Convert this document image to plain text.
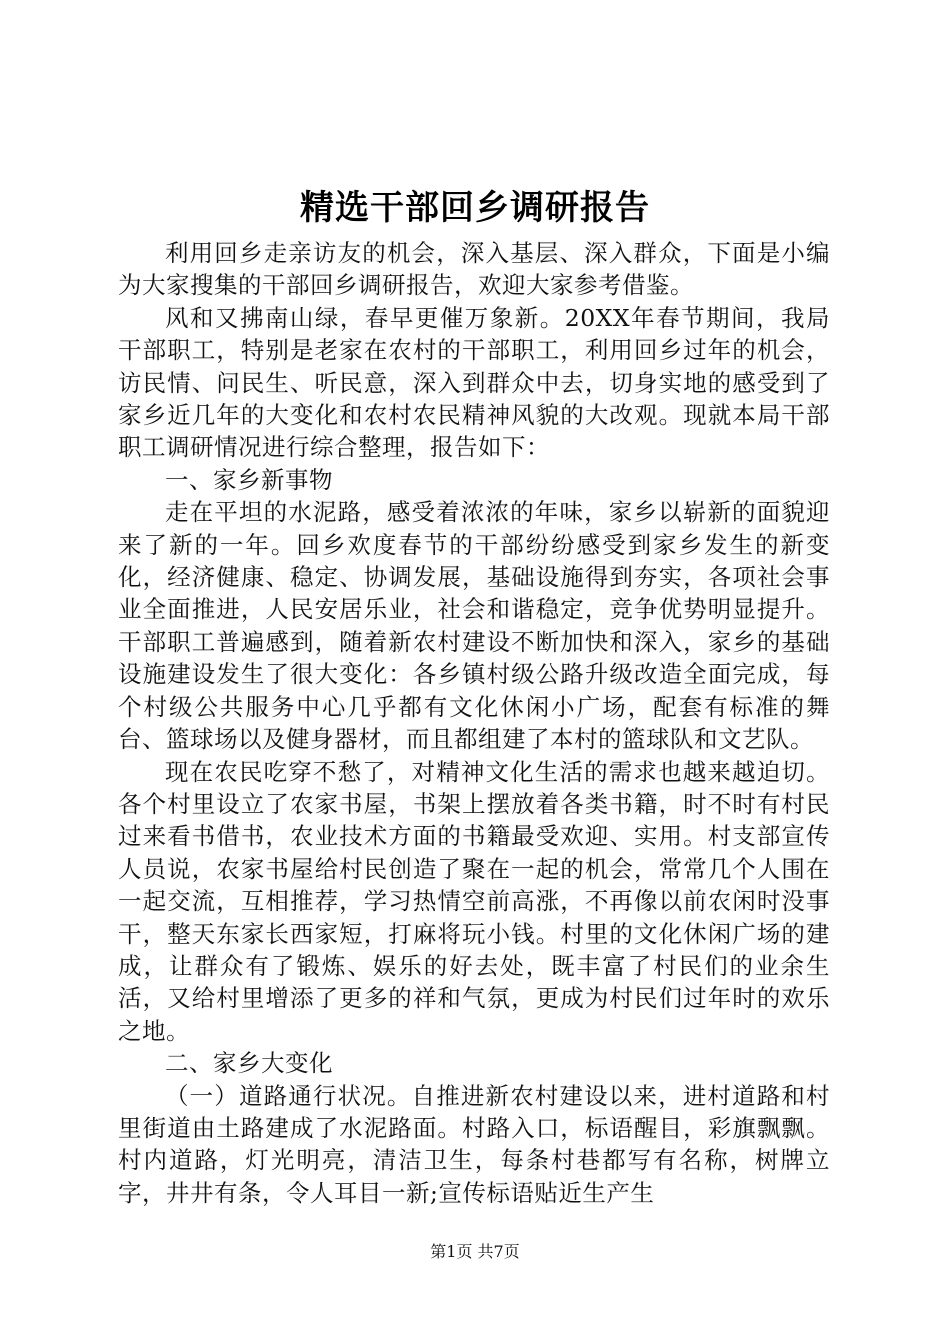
精选干部回乡调研报告

利用回乡走亲访友的机会，深入基层、深入群众，下面是小编为大家搜集的干部回乡调研报告，欢迎大家参考借鉴。

风和又拂南山绿，春早更催万象新。20XX年春节期间，我局干部职工，特别是老家在农村的干部职工，利用回乡过年的机会，访民情、问民生、听民意，深入到群众中去，切身实地的感受到了家乡近几年的大变化和农村农民精神风貌的大改观。现就本局干部职工调研情况进行综合整理，报告如下：

一、家乡新事物

走在平坦的水泥路，感受着浓浓的年味，家乡以崭新的面貌迎来了新的一年。回乡欢度春节的干部纷纷感受到家乡发生的新变化，经济健康、稳定、协调发展，基础设施得到夯实，各项社会事业全面推进，人民安居乐业，社会和谐稳定，竞争优势明显提升。干部职工普遍感到，随着新农村建设不断加快和深入，家乡的基础设施建设发生了很大变化：各乡镇村级公路升级改造全面完成，每个村级公共服务中心几乎都有文化休闲小广场，配套有标准的舞台、篮球场以及健身器材，而且都组建了本村的篮球队和文艺队。

现在农民吃穿不愁了，对精神文化生活的需求也越来越迫切。各个村里设立了农家书屋，书架上摆放着各类书籍，时不时有村民过来看书借书，农业技术方面的书籍最受欢迎、实用。村支部宣传人员说，农家书屋给村民创造了聚在一起的机会，常常几个人围在一起交流，互相推荐，学习热情空前高涨，不再像以前农闲时没事干，整天东家长西家短，打麻将玩小钱。村里的文化休闲广场的建成，让群众有了锻炼、娱乐的好去处，既丰富了村民们的业余生活，又给村里增添了更多的祥和气氛，更成为村民们过年时的欢乐之地。

二、家乡大变化

（一）道路通行状况。自推进新农村建设以来，进村道路和村里街道由土路建成了水泥路面。村路入口，标语醒目，彩旗飘飘。村内道路，灯光明亮，清洁卫生，每条村巷都写有名称，树牌立字，井井有条，令人耳目一新;宣传标语贴近生产生

第1页 共7页
